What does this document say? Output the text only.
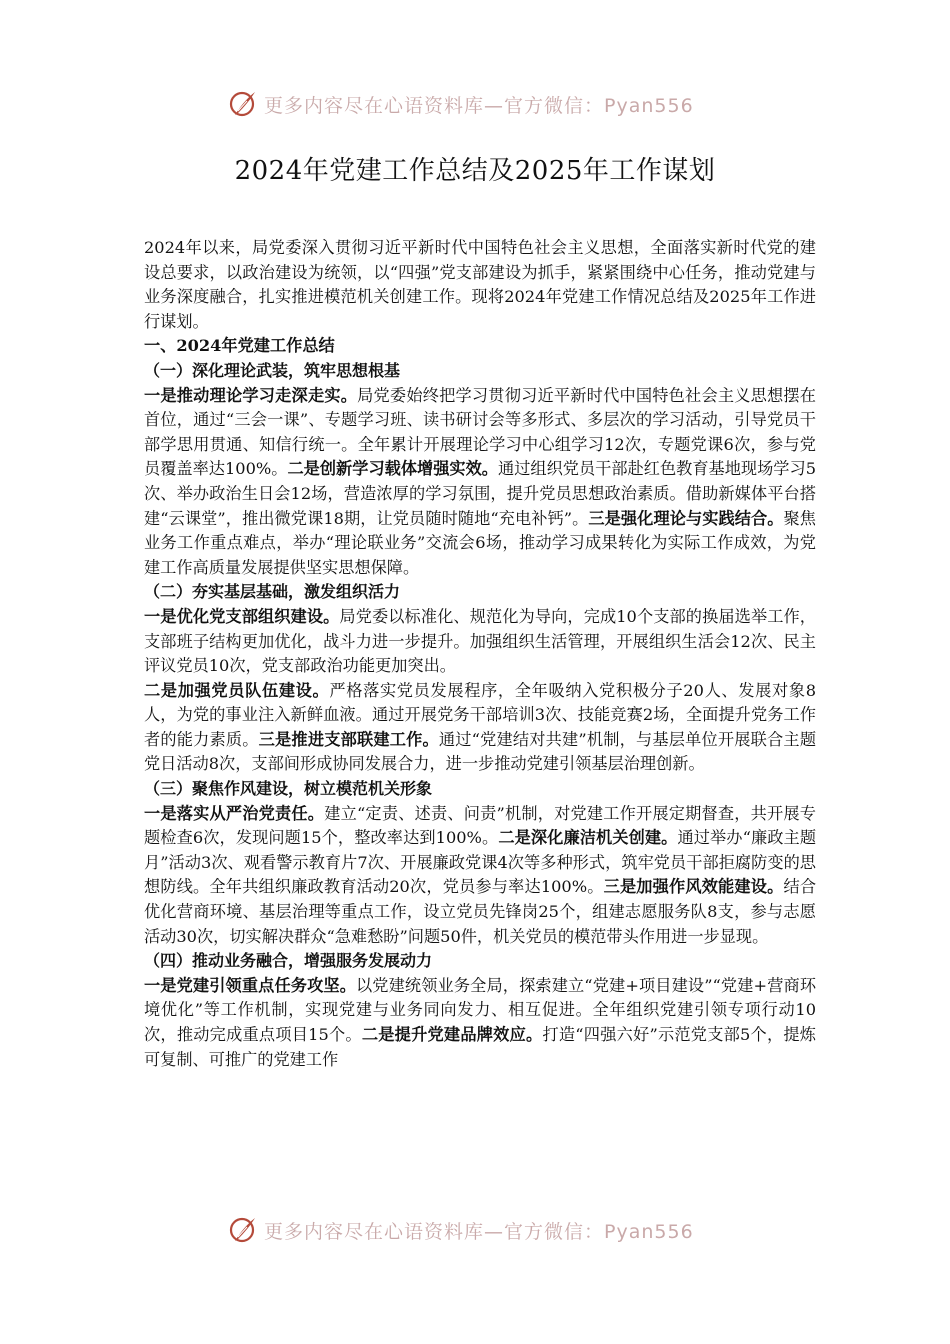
更多内容尽在心语资料库—官方微信：Pyan556
2024年党建工作总结及2025年工作谋划

2024年以来，局党委深入贯彻习近平新时代中国特色社会主义思想，全面落实新时代党的建设总要求，以政治建设为统领，以“四强”党支部建设为抓手，紧紧围绕中心任务，推动党建与业务深度融合，扎实推进模范机关创建工作。现将2024年党建工作情况总结及2025年工作进行谋划。

一、2024年党建工作总结

（一）深化理论武装，筑牢思想根基

一是推动理论学习走深走实。局党委始终把学习贯彻习近平新时代中国特色社会主义思想摆在首位，通过“三会一课”、专题学习班、读书研讨会等多形式、多层次的学习活动，引导党员干部学思用贯通、知信行统一。全年累计开展理论学习中心组学习12次，专题党课6次，参与党员覆盖率达100%。二是创新学习载体增强实效。通过组织党员干部赴红色教育基地现场学习5次、举办政治生日会12场，营造浓厚的学习氛围，提升党员思想政治素质。借助新媒体平台搭建“云课堂”，推出微党课18期，让党员随时随地“充电补钙”。三是强化理论与实践结合。聚焦业务工作重点难点，举办“理论联业务”交流会6场，推动学习成果转化为实际工作成效，为党建工作高质量发展提供坚实思想保障。

（二）夯实基层基础，激发组织活力

一是优化党支部组织建设。局党委以标准化、规范化为导向，完成10个支部的换届选举工作，支部班子结构更加优化，战斗力进一步提升。加强组织生活管理，开展组织生活会12次、民主评议党员10次，党支部政治功能更加突出。

二是加强党员队伍建设。严格落实党员发展程序，全年吸纳入党积极分子20人、发展对象8人，为党的事业注入新鲜血液。通过开展党务干部培训3次、技能竞赛2场，全面提升党务工作者的能力素质。三是推进支部联建工作。通过“党建结对共建”机制，与基层单位开展联合主题党日活动8次，支部间形成协同发展合力，进一步推动党建引领基层治理创新。

（三）聚焦作风建设，树立模范机关形象

一是落实从严治党责任。建立“定责、述责、问责”机制，对党建工作开展定期督查，共开展专题检查6次，发现问题15个，整改率达到100%。二是深化廉洁机关创建。通过举办“廉政主题月”活动3次、观看警示教育片7次、开展廉政党课4次等多种形式，筑牢党员干部拒腐防变的思想防线。全年共组织廉政教育活动20次，党员参与率达100%。三是加强作风效能建设。结合优化营商环境、基层治理等重点工作，设立党员先锋岗25个，组建志愿服务队8支，参与志愿活动30次，切实解决群众“急难愁盼”问题50件，机关党员的模范带头作用进一步显现。

（四）推动业务融合，增强服务发展动力

一是党建引领重点任务攻坚。以党建统领业务全局，探索建立“党建+项目建设”“党建+营商环境优化”等工作机制，实现党建与业务同向发力、相互促进。全年组织党建引领专项行动10次，推动完成重点项目15个。二是提升党建品牌效应。打造“四强六好”示范党支部5个，提炼可复制、可推广的党建工作

更多内容尽在心语资料库—官方微信：Pyan556
